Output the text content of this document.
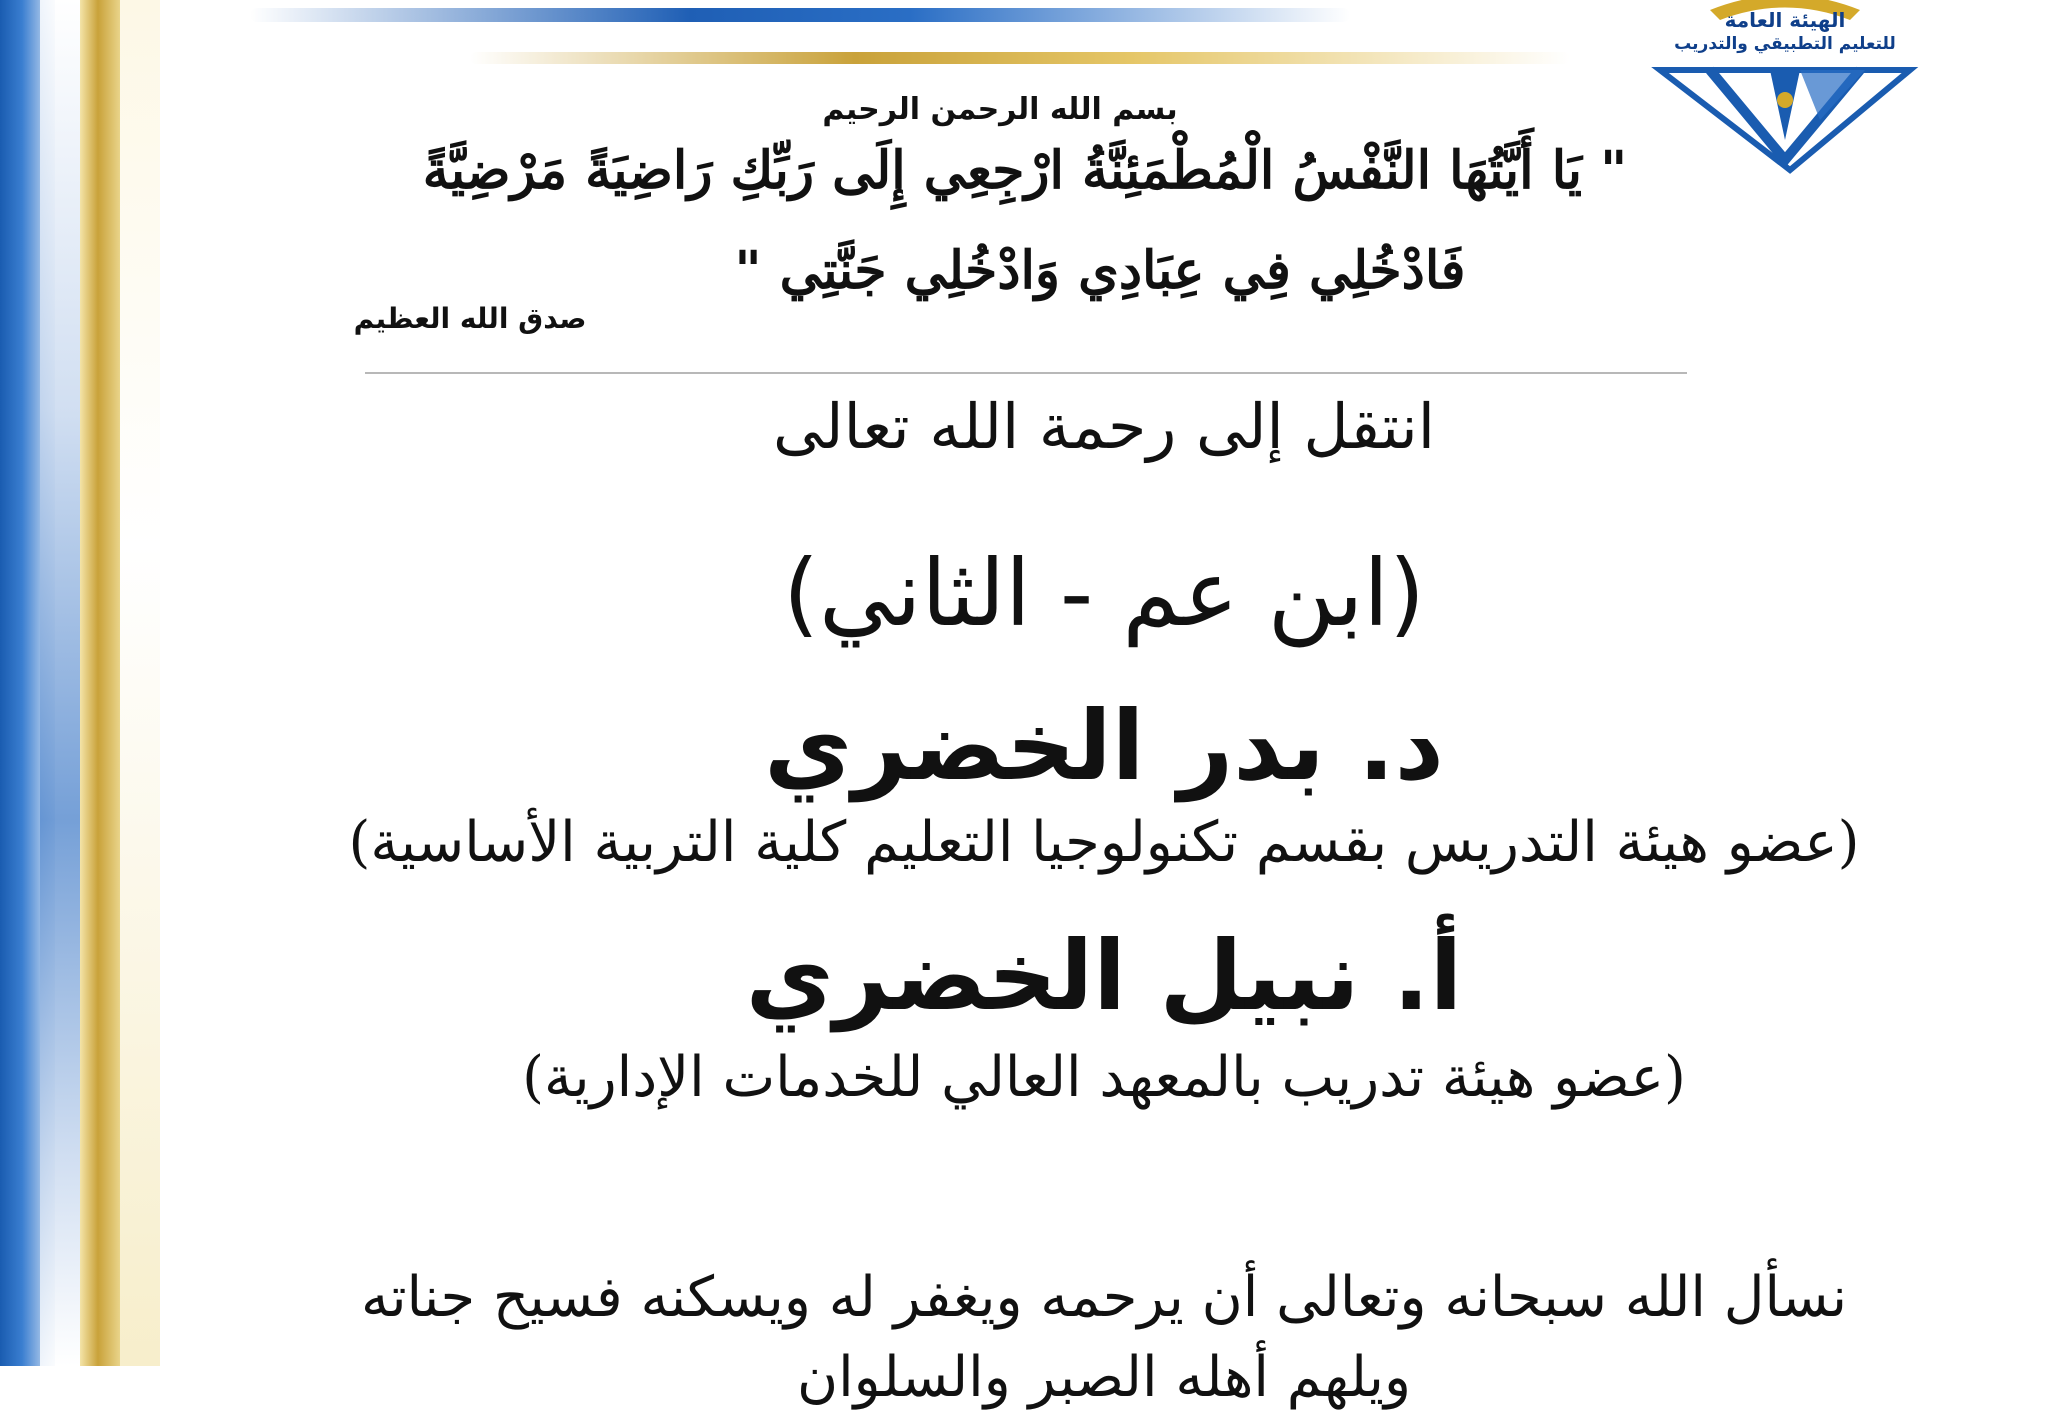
الهيئة العامة
للتعليم التطبيقي والتدريب
بسم الله الرحمن الرحيم
" يَا أَيَّتُهَا النَّفْسُ الْمُطْمَئِنَّةُ ارْجِعِي إِلَى رَبِّكِ رَاضِيَةً مَرْضِيَّةً
فَادْخُلِي فِي عِبَادِي وَادْخُلِي جَنَّتِي "
صدق الله العظيم
انتقل إلى رحمة الله تعالى
(ابن عم - الثاني)
د. بدر الخضري
(عضو هيئة التدريس بقسم تكنولوجيا التعليم كلية التربية الأساسية)
أ. نبيل الخضري
(عضو هيئة تدريب بالمعهد العالي للخدمات الإدارية)
نسأل الله سبحانه وتعالى أن يرحمه ويغفر له ويسكنه فسيح جناته
ويلهم أهله الصبر والسلوان
